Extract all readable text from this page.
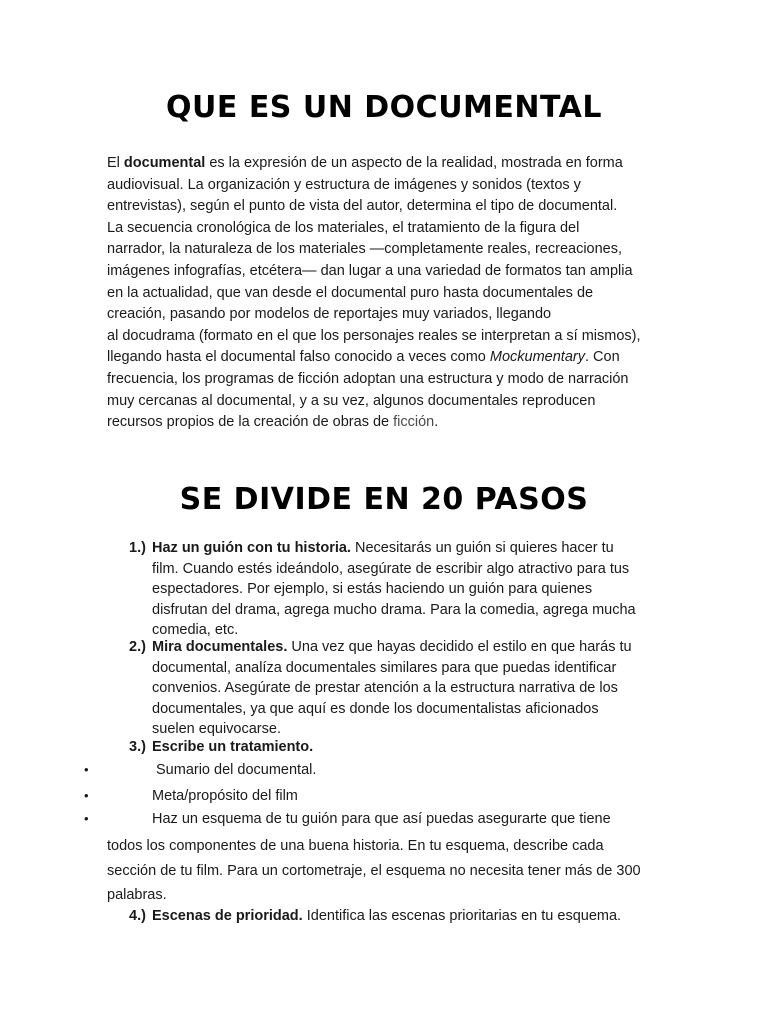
QUE ES UN DOCUMENTAL
El documental es la expresión de un aspecto de la realidad, mostrada en forma
audiovisual. La organización y estructura de imágenes y sonidos (textos y
entrevistas), según el punto de vista del autor, determina el tipo de documental.
La secuencia cronológica de los materiales, el tratamiento de la figura del
narrador, la naturaleza de los materiales —completamente reales, recreaciones,
imágenes infografías, etcétera— dan lugar a una variedad de formatos tan amplia
en la actualidad, que van desde el documental puro hasta documentales de
creación, pasando por modelos de reportajes muy variados, llegando
al docudrama (formato en el que los personajes reales se interpretan a sí mismos),
llegando hasta el documental falso conocido a veces como Mockumentary. Con
frecuencia, los programas de ficción adoptan una estructura y modo de narración
muy cercanas al documental, y a su vez, algunos documentales reproducen
recursos propios de la creación de obras de ficción.
SE DIVIDE EN 20 PASOS
1.) Haz un guión con tu historia. Necesitarás un guión si quieres hacer tu
film. Cuando estés ideándolo, asegúrate de escribir algo atractivo para tus
espectadores. Por ejemplo, si estás haciendo un guión para quienes
disfrutan del drama, agrega mucho drama. Para la comedia, agrega mucha
comedia, etc.
2.) Mira documentales. Una vez que hayas decidido el estilo en que harás tu
documental, analíza documentales similares para que puedas identificar
convenios. Asegúrate de prestar atención a la estructura narrativa de los
documentales, ya que aquí es donde los documentalistas aficionados
suelen equivocarse.
3.) Escribe un tratamiento.
•	Sumario del documental.
•	Meta/propósito del film
•	Haz un esquema de tu guión para que así puedas asegurarte que tiene
todos los componentes de una buena historia. En tu esquema, describe cada
sección de tu film. Para un cortometraje, el esquema no necesita tener más de 300
palabras.
4.) Escenas de prioridad. Identifica las escenas prioritarias en tu esquema.
